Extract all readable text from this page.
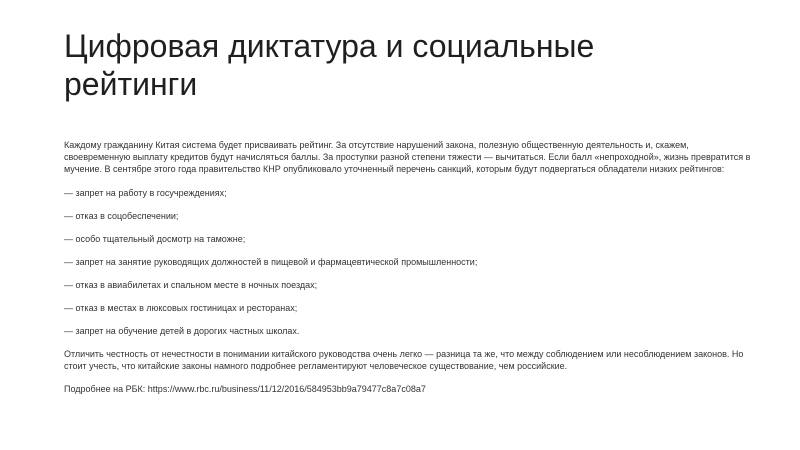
Цифровая диктатура и социальные рейтинги

Каждому гражданину Китая система будет присваивать рейтинг. За отсутствие нарушений закона, полезную общественную деятельность и, скажем, своевременную выплату кредитов будут начисляться баллы. За проступки разной степени тяжести — вычитаться. Если балл «непроходной», жизнь превратится в мучение. В сентябре этого года правительство КНР опубликовало уточненный перечень санкций, которым будут подвергаться обладатели низких рейтингов:

— запрет на работу в госучреждениях;

— отказ в соцобеспечении;

— особо тщательный досмотр на таможне;

— запрет на занятие руководящих должностей в пищевой и фармацевтической промышленности;

— отказ в авиабилетах и спальном месте в ночных поездах;

— отказ в местах в люксовых гостиницах и ресторанах;

— запрет на обучение детей в дорогих частных школах.

Отличить честность от нечестности в понимании китайского руководства очень легко — разница та же, что между соблюдением или несоблюдением законов. Но стоит учесть, что китайские законы намного подробнее регламентируют человеческое существование, чем российские.

Подробнее на РБК: https://www.rbc.ru/business/11/12/2016/584953bb9a79477c8a7c08a7
